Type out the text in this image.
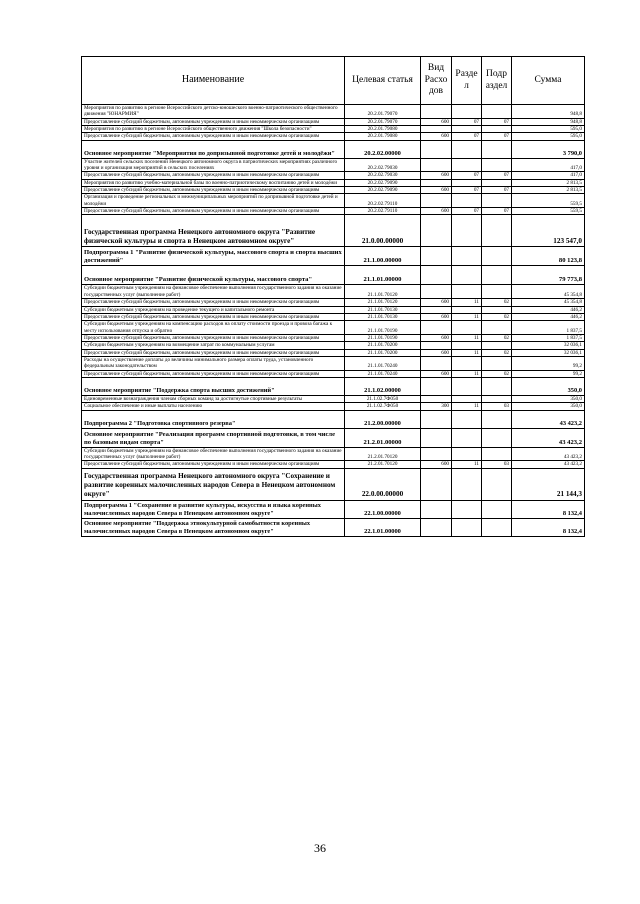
Наименование	Целевая статья	Вид Расхо дов	Разде л	Подр аздел	Сумма
Мероприятия по развитию в регионе Всероссийского детско-юношеского военно-патриотического общественного движения "ЮНАРМИЯ"	20.2.01.79070				948,8
Предоставление субсидий бюджетным, автономным учреждениям и иным некоммерческим организациям	20.2.01.79070	600	07	07	948,8
Мероприятия по развитию в регионе Всероссийского общественного движения "Школа безопасности"	20.2.01.79080				595,0
Предоставление субсидий бюджетным, автономным учреждениям и иным некоммерческим организациям	20.2.01.79080	600	07	07	595,0
Основное мероприятие "Мероприятия по допризывной подготовке детей и молодёжи"	20.2.02.00000				3 790,0
Участие жителей сельских поселений Ненецкого автономного округа в патриотических мероприятиях различного уровня и организация мероприятий в сельских поселениях	20.2.02.79030				417,0
Предоставление субсидий бюджетным, автономным учреждениям и иным некоммерческим организациям	20.2.02.79030	600	07	07	417,0
Мероприятия по развитию учебно-материальной базы по военно-патриотическому воспитанию детей и молодёжи	20.2.02.79090				2 813,5
Предоставление субсидий бюджетным, автономным учреждениям и иным некоммерческим организациям	20.2.02.79090	600	07	07	2 813,5
Организация и проведение региональных и межмуниципальных мероприятий по допризывной подготовке детей и молодёжи	20.2.02.79110				559,5
Предоставление субсидий бюджетным, автономным учреждениям и иным некоммерческим организациям	20.2.02.79110	600	07	07	559,5
Государственная программа Ненецкого автономного округа "Развитие физической культуры и спорта в Ненецком автономном округе"	21.0.00.00000				123 547,0
Подпрограмма 1 "Развитие физической культуры, массового спорта и спорта высших достижений"	21.1.00.00000				80 123,8
Основное мероприятие "Развитие физической культуры, массового спорта"	21.1.01.00000				79 773,8
Субсидии бюджетным учреждениям на финансовое обеспечение выполнения государственного задания на оказание государственных услуг (выполнение работ)	21.1.01.70120				45 354,8
Предоставление субсидий бюджетным, автономным учреждениям и иным некоммерческим организациям	21.1.01.70120	600	11	02	45 354,8
Субсидии бюджетным учреждениям на проведение текущего и капитального ремонта	21.1.01.70130				446,2
Предоставление субсидий бюджетным, автономным учреждениям и иным некоммерческим организациям	21.1.01.70130	600	11	02	446,2
Субсидии бюджетным учреждениям на компенсацию расходов на оплату стоимости проезда и провоза багажа к месту использования отпуска и обратно	21.1.01.70190				1 837,5
Предоставление субсидий бюджетным, автономным учреждениям и иным некоммерческим организациям	21.1.01.70190	600	11	02	1 837,5
Субсидии бюджетным учреждениям на возмещение затрат по коммунальным услугам	21.1.01.70200				32 036,1
Предоставление субсидий бюджетным, автономным учреждениям и иным некоммерческим организациям	21.1.01.70200	600	11	02	32 036,1
Расходы на осуществление доплаты до величины минимального размера оплаты труда, установленного федеральным законодательством	21.1.01.70240				99,2
Предоставление субсидий бюджетным, автономным учреждениям и иным некоммерческим организациям	21.1.01.70240	600	11	02	99,2
Основное мероприятие "Поддержка спорта высших достижений"	21.1.02.00000				350,0
Единовременные вознаграждения членам сборных команд за достигнутые спортивные результаты	21.1.02.7Ф050				350,0
Социальное обеспечение и иные выплаты населению	21.1.02.7Ф050	300	11	03	350,0
Подпрограмма 2 "Подготовка спортивного резерва"	21.2.00.00000				43 423,2
Основное мероприятие "Реализация программ спортивной подготовки, в том числе по базовым видам спорта"	21.2.01.00000				43 423,2
Субсидии бюджетным учреждениям на финансовое обеспечение выполнения государственного задания на оказание государственных услуг (выполнение работ)	21.2.01.70120				43 423,2
Предоставление субсидий бюджетным, автономным учреждениям и иным некоммерческим организациям	21.2.01.70120	600	11	03	43 423,2
Государственная программа Ненецкого автономного округа "Сохранение и развитие коренных малочисленных народов Севера в Ненецком автономном округе"	22.0.00.00000				21 144,3
Подпрограмма 1 "Сохранение и развитие культуры, искусства и языка коренных малочисленных народов Севера в Ненецком автономном округе"	22.1.00.00000				8 132,4
Основное мероприятие "Поддержка этнокультурной самобытности коренных малочисленных народов Севера в Ненецком автономном округе"	22.1.01.00000				8 132,4
36
